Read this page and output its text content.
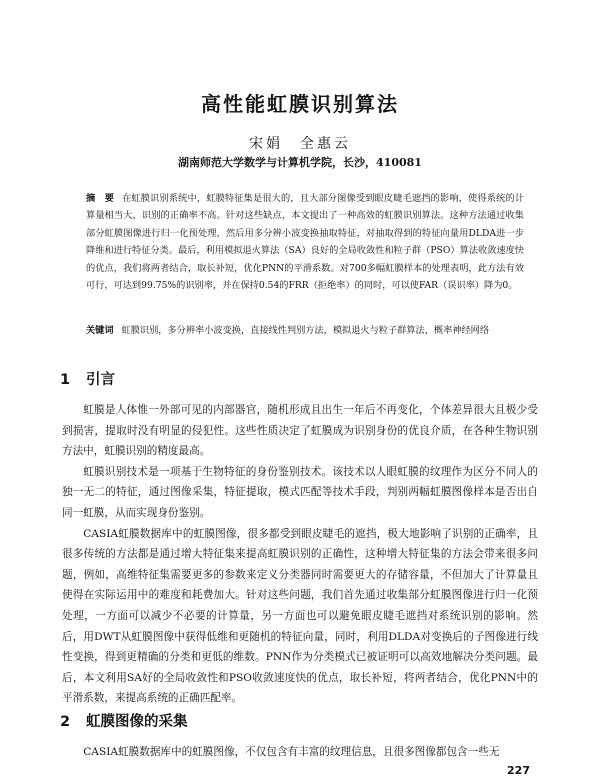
高性能虹膜识别算法
宋娟　全惠云
湖南师范大学数学与计算机学院，长沙，410081
摘　要 在虹膜识别系统中，虹膜特征集是很大的，且大部分图像受到眼皮睫毛遮挡的影响，使得系统的计算量相当大，识别的正确率不高。针对这些缺点，本文提出了一种高效的虹膜识别算法。这种方法通过收集部分虹膜图像进行归一化预处理，然后用多分辨小波变换抽取特征，对抽取得到的特征向量用DLDA进一步降维和进行特征分类。最后，利用模拟退火算法（SA）良好的全局收敛性和粒子群（PSO）算法收敛速度快的优点，我们将两者结合，取长补短，优化PNN的平滑系数。对700多幅虹膜样本的处理表明，此方法有效可行，可达到99.75%的识别率，并在保持0.54的FRR（拒绝率）的同时，可以使FAR（误识率）降为0。
关键词 虹膜识别，多分辨率小波变换，直接线性判别方法，模拟退火与粒子群算法，概率神经网络
1 引言

虹膜是人体惟一外部可见的内部器官，随机形成且出生一年后不再变化，个体差异很大且极少受到损害，提取时没有明显的侵犯性。这些性质决定了虹膜成为识别身份的优良介质，在各种生物识别方法中，虹膜识别的精度最高。

虹膜识别技术是一项基于生物特征的身份鉴别技术。该技术以人眼虹膜的纹理作为区分不同人的独一无二的特征，通过图像采集，特征提取，模式匹配等技术手段，判别两幅虹膜图像样本是否出自同一虹膜，从而实现身份鉴别。

CASIA虹膜数据库中的虹膜图像，很多都受到眼皮睫毛的遮挡，极大地影响了识别的正确率，且很多传统的方法都是通过增大特征集来提高虹膜识别的正确性，这种增大特征集的方法会带来很多问题，例如，高维特征集需要更多的参数来定义分类器同时需要更大的存储容量，不但加大了计算量且使得在实际运用中的难度和耗费加大。针对这些问题，我们首先通过收集部分虹膜图像进行归一化预处理，一方面可以减少不必要的计算量，另一方面也可以避免眼皮睫毛遮挡对系统识别的影响。然后，用DWT从虹膜图像中获得低维和更随机的特征向量，同时，利用DLDA对变换后的子图像进行线性变换，得到更精确的分类和更低的维数。PNN作为分类模式已被证明可以高效地解决分类问题。最后，本文利用SA好的全局收敛性和PSO收敛速度快的优点，取长补短，将两者结合，优化PNN中的平滑系数，来提高系统的正确匹配率。

2 虹膜图像的采集

CASIA虹膜数据库中的虹膜图像，不仅包含有丰富的纹理信息，且很多图像都包含一些无

227
